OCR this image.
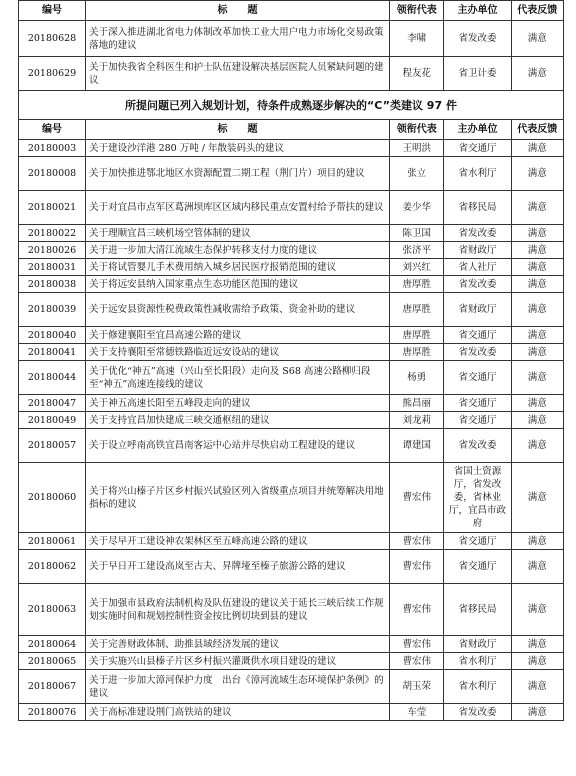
编号	标　　题	领衔代表	主办单位	代表反馈
20180628	关于深入推进湖北省电力体制改革加快工业大用户电力市场化交易政策落地的建议	李啸	省发改委	满意
20180629	关于加快我省全科医生和护士队伍建设解决基层医院人员紧缺问题的建议	程友花	省卫计委	满意
所提问题已列入规划计划，待条件成熟逐步解决的“C”类建议 97 件				
编号	标　　题	领衔代表	主办单位	代表反馈
20180003	关于建设沙洋港 280 万吨 / 年散装码头的建议	王明洪	省交通厅	满意
20180008	关于加快推进鄂北地区水资源配置二期工程（荆门片）项目的建议	张立	省水利厅	满意
20180021	关于对宜昌市点军区葛洲坝库区区域内移民重点安置村给予帮扶的建议	姜少华	省移民局	满意
20180022	关于理顺宜昌三峡机场空管体制的建议	陈卫国	省发改委	满意
20180026	关于进一步加大清江流域生态保护转移支付力度的建议	张济平	省财政厅	满意
20180031	关于将试管婴儿手术费用纳入城乡居民医疗报销范围的建议	刘兴红	省人社厅	满意
20180038	关于将远安县纳入国家重点生态功能区范围的建议	唐厚胜	省发改委	满意
20180039	关于远安县资源性税费政策性减收需给予政策、资金补助的建议	唐厚胜	省财政厅	满意
20180040	关于修建襄阳至宜昌高速公路的建议	唐厚胜	省交通厅	满意
20180041	关于支持襄阳至常德铁路临近远安设站的建议	唐厚胜	省发改委	满意
20180044	关于优化“神五”高速（兴山至长阳段）走向及 S68 高速公路柳归段至“神五”高速连接线的建议	杨勇	省交通厅	满意
20180047	关于神五高速长阳至五峰段走向的建议	熊昌丽	省交通厅	满意
20180049	关于支持宜昌加快建成三峡交通枢纽的建议	刘龙莉	省交通厅	满意
20180057	关于设立呼南高铁宜昌南客运中心站并尽快启动工程建设的建议	谭建国	省发改委	满意
20180060	关于将兴山榛子片区乡村振兴试验区列入省级重点项目并统筹解决用地指标的建议	曹宏伟	省国土资源厅，省发改委，省林业厅，宜昌市政府	满意
20180061	关于尽早开工建设神农架林区至五峰高速公路的建议	曹宏伟	省交通厅	满意
20180062	关于早日开工建设高岚至古夫、昇牌垭至榛子旅游公路的建议	曹宏伟	省交通厅	满意
20180063	关于加强市县政府法制机构及队伍建设的建议关于延长三峡后续工作规划实施时间和规划控制性资金按比例切块到县的建议	曹宏伟	省移民局	满意
20180064	关于完善财政体制、助推县域经济发展的建议	曹宏伟	省财政厅	满意
20180065	关于实施兴山县榛子片区乡村振兴灌溉供水项目建设的建议	曹宏伟	省水利厅	满意
20180067	关于进一步加大漳河保护力度　出台《漳河流域生态环境保护条例》的建议	胡玉荣	省水利厅	满意
20180076	关于高标准建设荆门高铁站的建议	车莹	省发改委	满意
